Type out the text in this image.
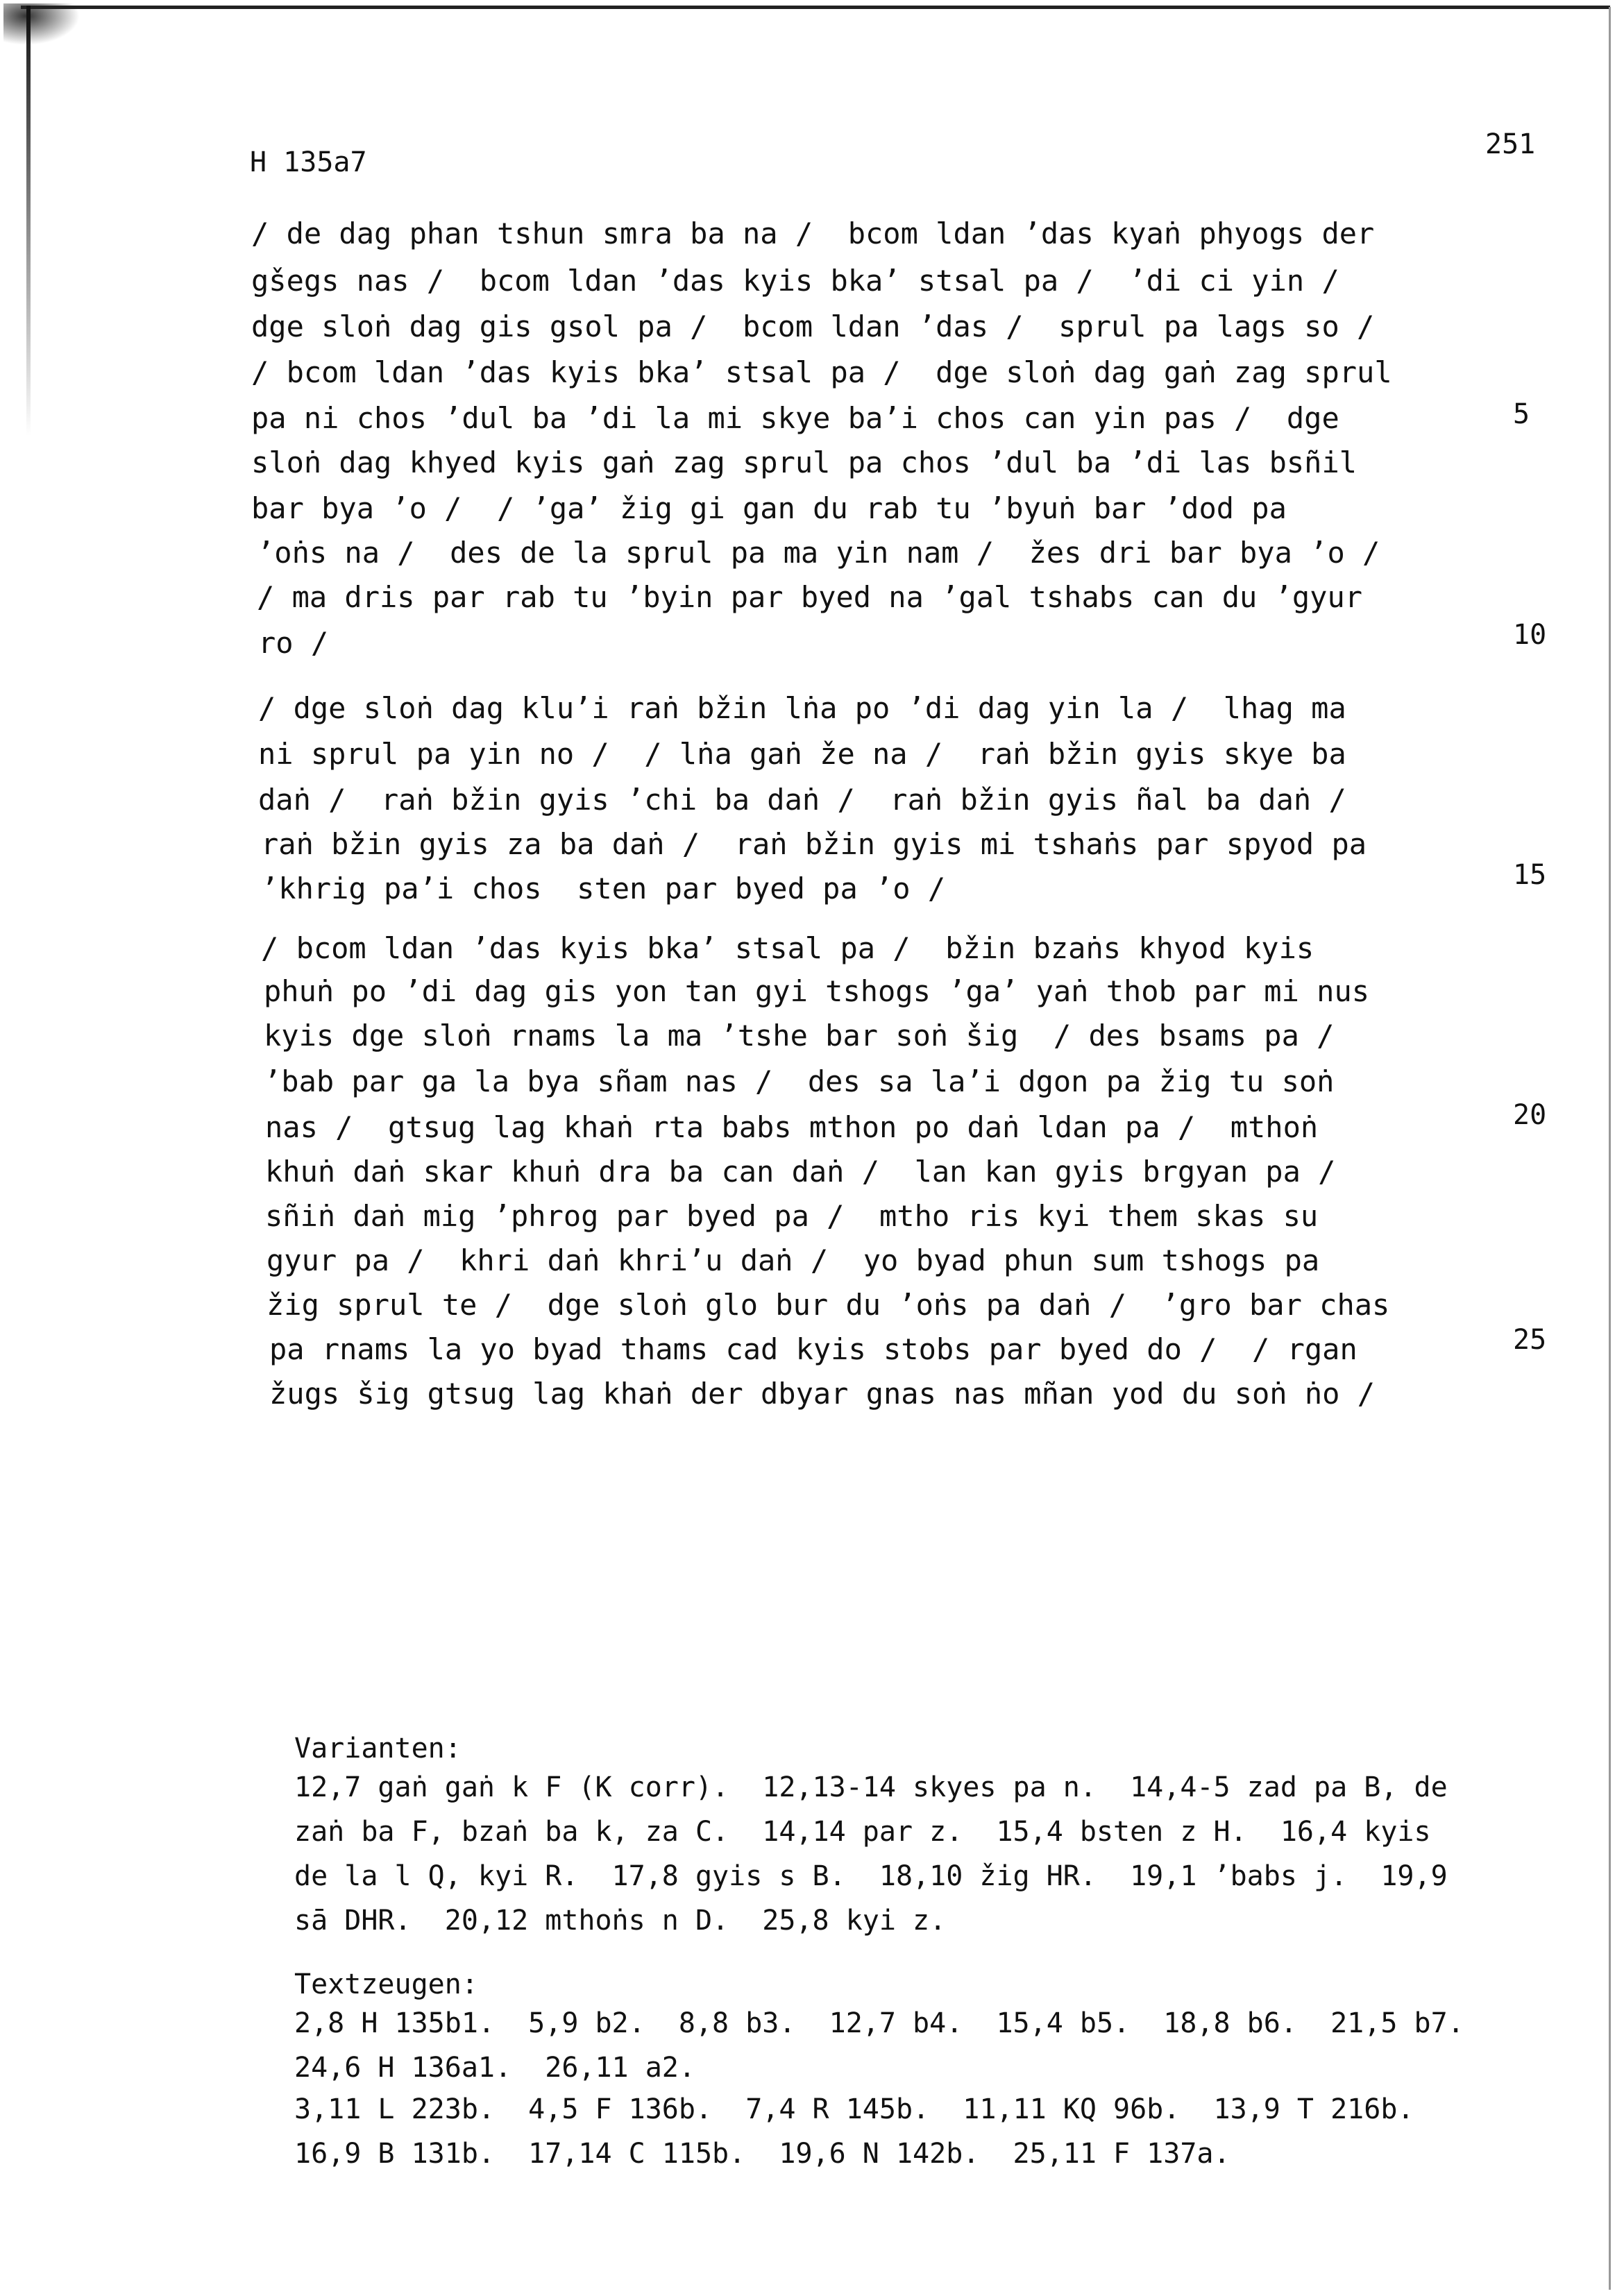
H 135a7
251
/ de dag phan tshun smra ba na /  bcom ldan ’das kyaṅ phyogs der
gšegs nas /  bcom ldan ’das kyis bka’ stsal pa /  ’di ci yin /
dge sloṅ dag gis gsol pa /  bcom ldan ’das /  sprul pa lags so /
/ bcom ldan ’das kyis bka’ stsal pa /  dge sloṅ dag gaṅ zag sprul
pa ni chos ’dul ba ’di la mi skye ba’i chos can yin pas /  dge
sloṅ dag khyed kyis gaṅ zag sprul pa chos ’dul ba ’di las bsñil
bar bya ’o /  / ’ga’ žig gi gan du rab tu ’byuṅ bar ’dod pa
’oṅs na /  des de la sprul pa ma yin nam /  žes dri bar bya ’o /
/ ma dris par rab tu ’byin par byed na ’gal tshabs can du ’gyur
ro /
/ dge sloṅ dag klu’i raṅ bžin lṅa po ’di dag yin la /  lhag ma
ni sprul pa yin no /  / lṅa gaṅ že na /  raṅ bžin gyis skye ba
daṅ /  raṅ bžin gyis ’chi ba daṅ /  raṅ bžin gyis ñal ba daṅ /
raṅ bžin gyis za ba daṅ /  raṅ bžin gyis mi tshaṅs par spyod pa
’khrig pa’i chos  sten par byed pa ’o /
/ bcom ldan ’das kyis bka’ stsal pa /  bžin bzaṅs khyod kyis
phuṅ po ’di dag gis yon tan gyi tshogs ’ga’ yaṅ thob par mi nus
kyis dge sloṅ rnams la ma ’tshe bar soṅ šig  / des bsams pa /
’bab par ga la bya sñam nas /  des sa la’i dgon pa žig tu soṅ
nas /  gtsug lag khaṅ rta babs mthon po daṅ ldan pa /  mthoṅ
khuṅ daṅ skar khuṅ dra ba can daṅ /  lan kan gyis brgyan pa /
sñiṅ daṅ mig ’phrog par byed pa /  mtho ris kyi them skas su
gyur pa /  khri daṅ khri’u daṅ /  yo byad phun sum tshogs pa
žig sprul te /  dge sloṅ glo bur du ’oṅs pa daṅ /  ’gro bar chas
pa rnams la yo byad thams cad kyis stobs par byed do /  / rgan
žugs šig gtsug lag khaṅ der dbyar gnas nas mñan yod du soṅ ṅo /
5
10
15
20
25
Varianten:
12,7 gaṅ gaṅ k F (K corr).  12,13-14 skyes pa n.  14,4-5 zad pa B, de
zaṅ ba F, bzaṅ ba k, za C.  14,14 par z.  15,4 bsten z H.  16,4 kyis
de la l Q, kyi R.  17,8 gyis s B.  18,10 žig HR.  19,1 ’babs j.  19,9
sā DHR.  20,12 mthoṅs n D.  25,8 kyi z.
Textzeugen:
2,8 H 135b1.  5,9 b2.  8,8 b3.  12,7 b4.  15,4 b5.  18,8 b6.  21,5 b7.
24,6 H 136a1.  26,11 a2.
3,11 L 223b.  4,5 F 136b.  7,4 R 145b.  11,11 KQ 96b.  13,9 T 216b.
16,9 B 131b.  17,14 C 115b.  19,6 N 142b.  25,11 F 137a.
